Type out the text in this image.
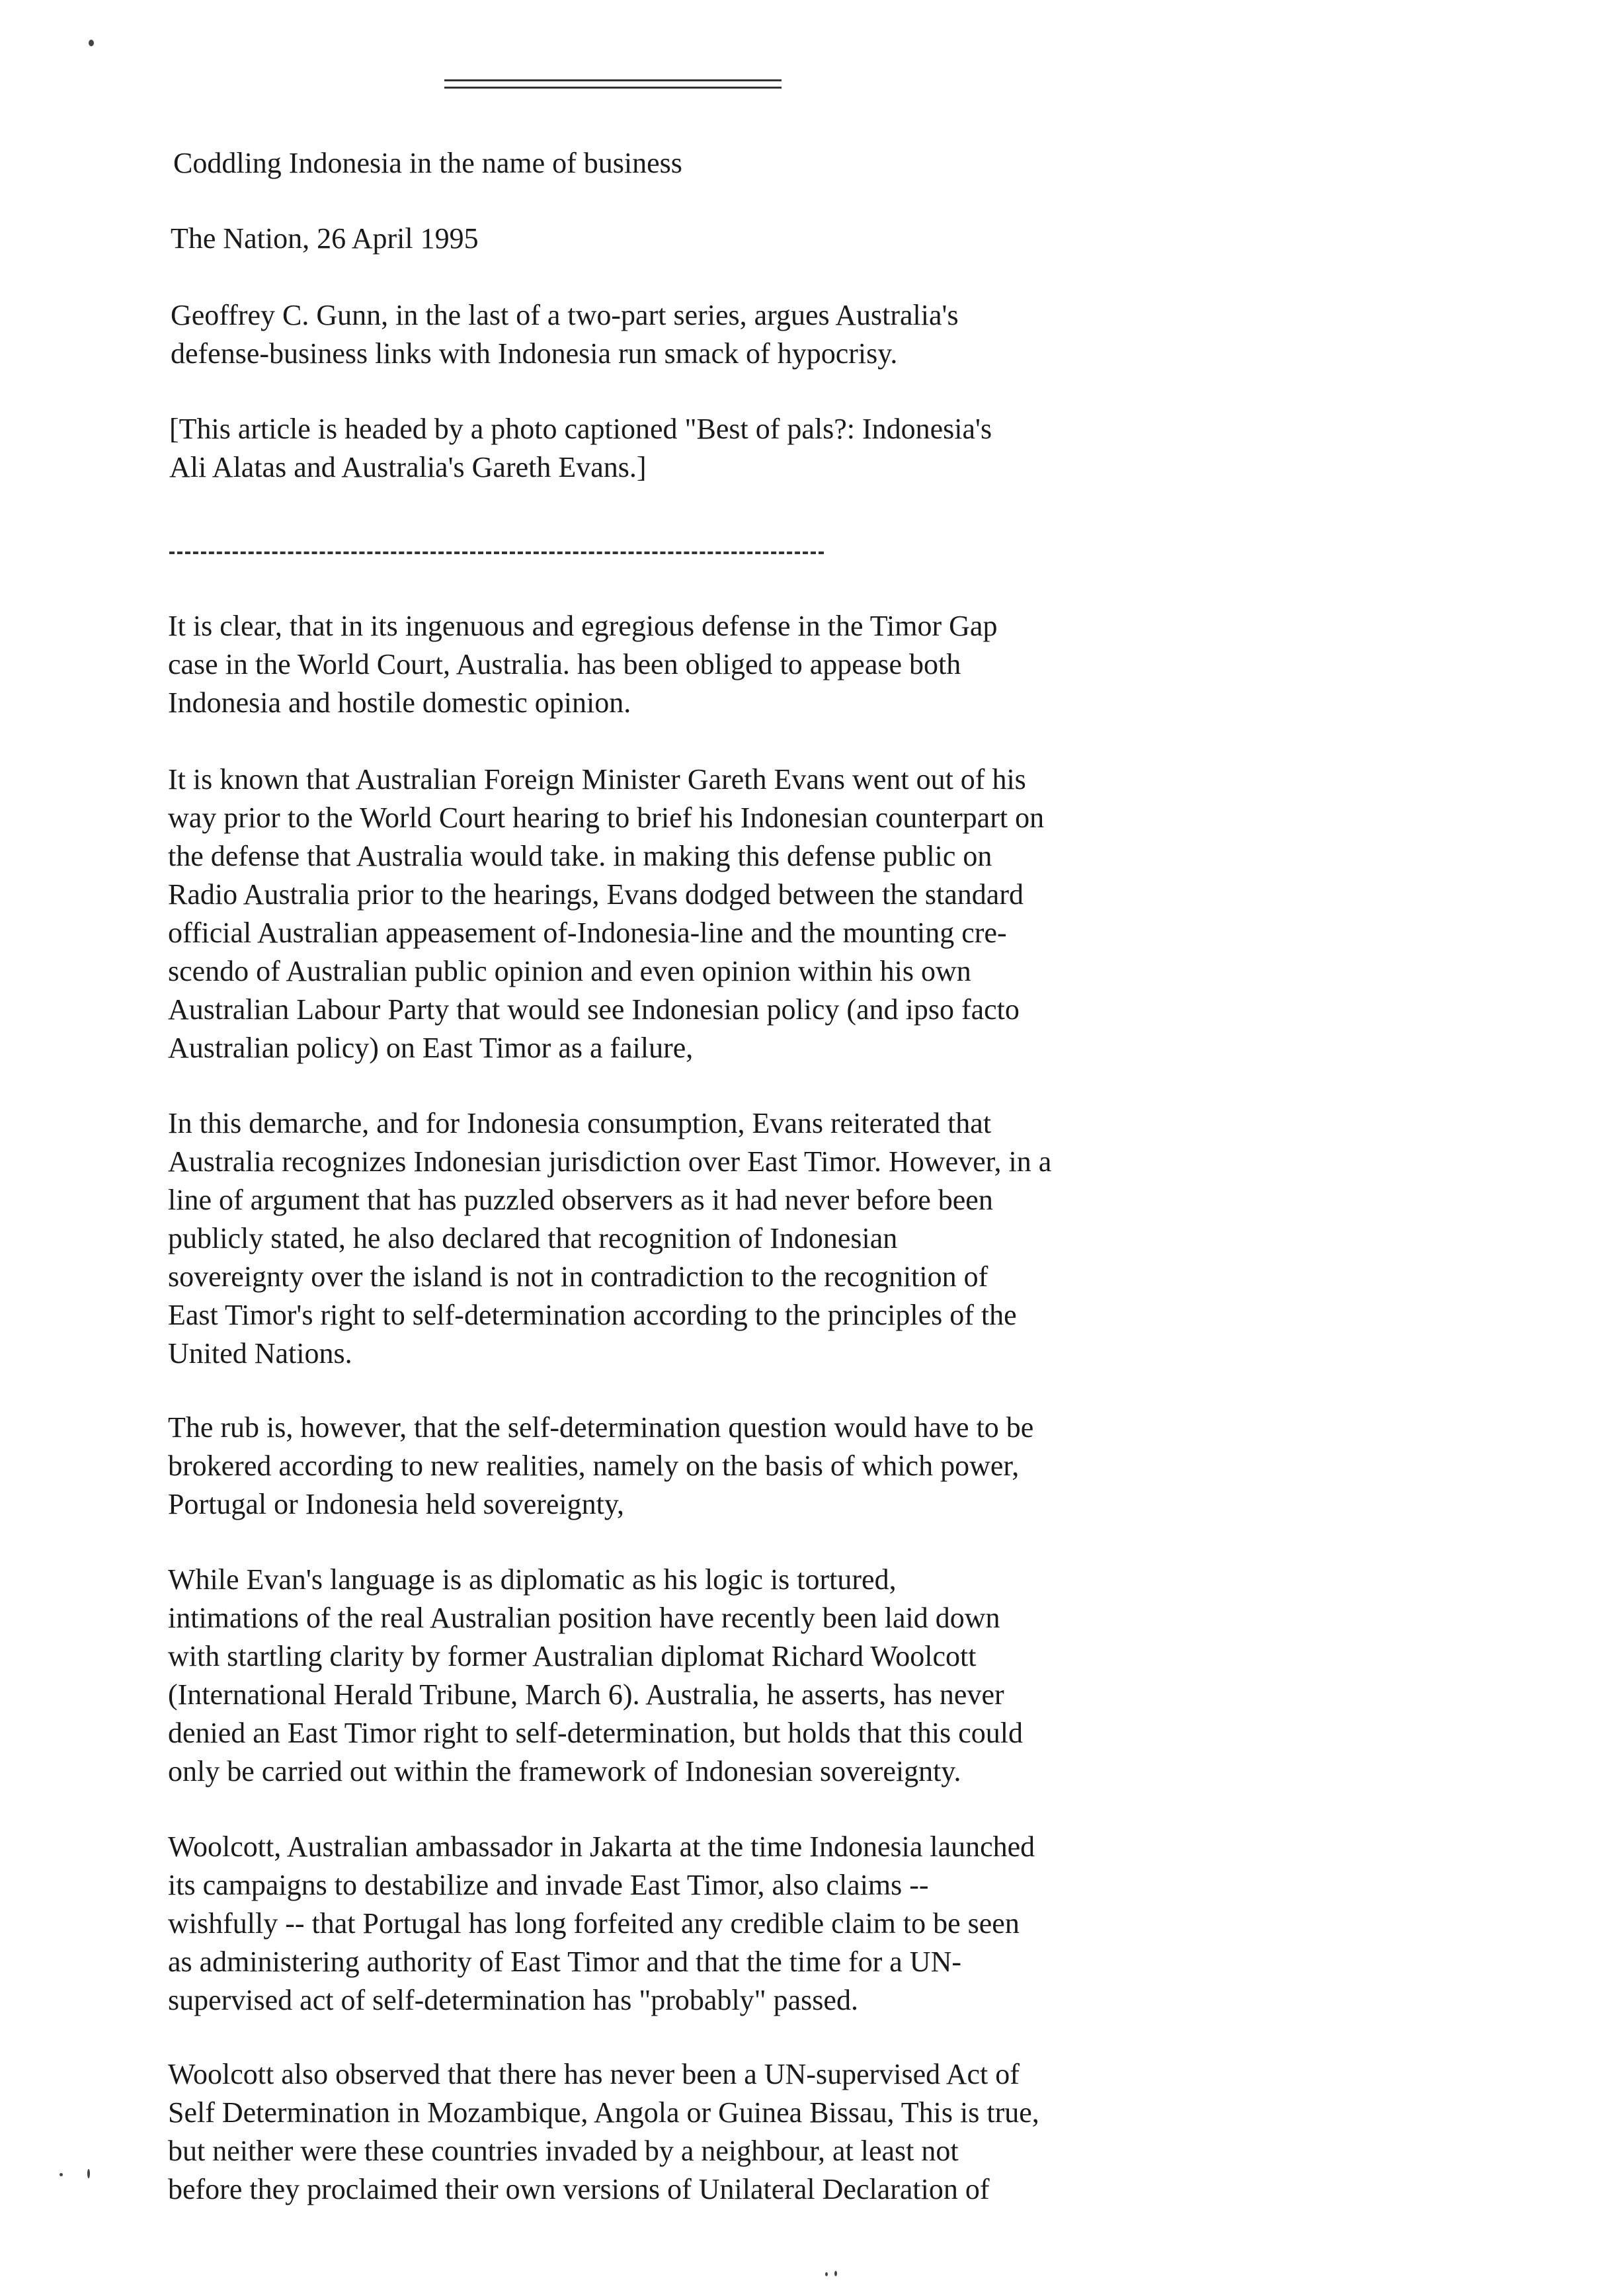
Coddling Indonesia in the name of business

The Nation, 26 April 1995

Geoffrey C. Gunn, in the last of a two-part series, argues Australia's
defense-business links with Indonesia run smack of hypocrisy.

[This article is headed by a photo captioned "Best of pals?: Indonesia's
Ali Alatas and Australia's Gareth Evans.]

It is clear, that in its ingenuous and egregious defense in the Timor Gap
case in the World Court, Australia. has been obliged to appease both
Indonesia and hostile domestic opinion.

It is known that Australian Foreign Minister Gareth Evans went out of his
way prior to the World Court hearing to brief his Indonesian counterpart on
the defense that Australia would take. in making this defense public on
Radio Australia prior to the hearings, Evans dodged between the standard
official Australian appeasement of-Indonesia-line and the mounting cre-
scendo of Australian public opinion and even opinion within his own
Australian Labour Party that would see Indonesian policy (and ipso facto
Australian policy) on East Timor as a failure,

In this demarche, and for Indonesia consumption, Evans reiterated that
Australia recognizes Indonesian jurisdiction over East Timor. However, in a
line of argument that has puzzled observers as it had never before been
publicly stated, he also declared that recognition of Indonesian
sovereignty over the island is not in contradiction to the recognition of
East Timor's right to self-determination according to the principles of the
United Nations.

The rub is, however, that the self-determination question would have to be
brokered according to new realities, namely on the basis of which power,
Portugal or Indonesia held sovereignty,

While Evan's language is as diplomatic as his logic is tortured,
intimations of the real Australian position have recently been laid down
with startling clarity by former Australian diplomat Richard Woolcott
(International Herald Tribune, March 6). Australia, he asserts, has never
denied an East Timor right to self-determination, but holds that this could
only be carried out within the framework of Indonesian sovereignty.

Woolcott, Australian ambassador in Jakarta at the time Indonesia launched
its campaigns to destabilize and invade East Timor, also claims --
wishfully -- that Portugal has long forfeited any credible claim to be seen
as administering authority of East Timor and that the time for a UN-
supervised act of self-determination has "probably" passed.

Woolcott also observed that there has never been a UN-supervised Act of
Self Determination in Mozambique, Angola or Guinea Bissau, This is true,
but neither were these countries invaded by a neighbour, at least not
before they proclaimed their own versions of Unilateral Declaration of
